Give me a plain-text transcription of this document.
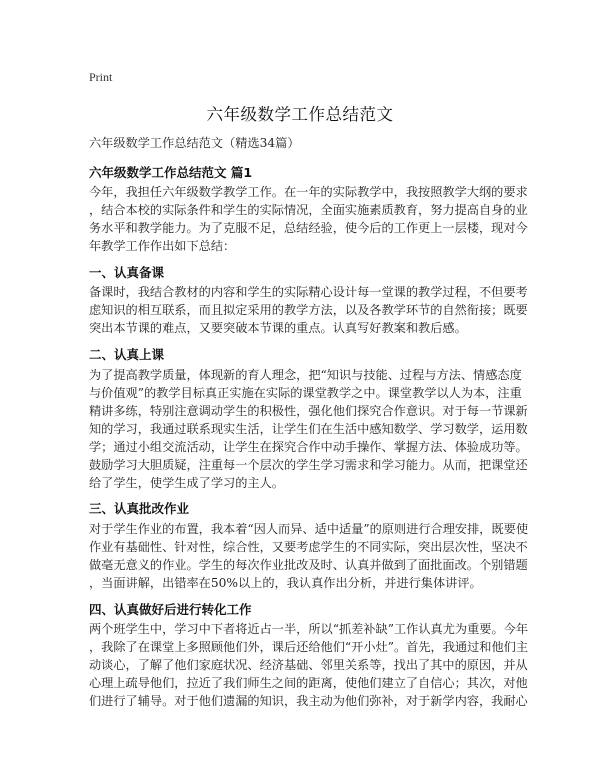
Print
六年级数学工作总结范文
六年级数学工作总结范文（精选34篇）
六年级数学工作总结范文 篇1

今年，我担任六年级数学教学工作。在一年的实际教学中，我按照教学大纲的要求
，结合本校的实际条件和学生的实际情况，全面实施素质教育，努力提高自身的业
务水平和教学能力。为了克服不足，总结经验，使今后的工作更上一层楼，现对今
年教学工作作出如下总结：

一、认真备课

备课时，我结合教材的内容和学生的实际精心设计每一堂课的教学过程，不但要考
虑知识的相互联系，而且拟定采用的教学方法，以及各教学环节的自然衔接；既要
突出本节课的难点，又要突破本节课的重点。认真写好教案和教后感。

二、认真上课

为了提高教学质量，体现新的育人理念，把“知识与技能、过程与方法、情感态度
与价值观”的教学目标真正实施在实际的课堂教学之中。课堂教学以人为本，注重
精讲多练，特别注意调动学生的积极性，强化他们探究合作意识。对于每一节课新
知的学习，我通过联系现实生活，让学生们在生活中感知数学、学习数学，运用数
学；通过小组交流活动，让学生在探究合作中动手操作、掌握方法、体验成功等。
鼓励学习大胆质疑，注重每一个层次的学生学习需求和学习能力。从而，把课堂还
给了学生，使学生成了学习的主人。

三、认真批改作业

对于学生作业的布置，我本着“因人而异、适中适量”的原则进行合理安排，既要使
作业有基础性、针对性，综合性，又要考虑学生的不同实际，突出层次性，坚决不
做毫无意义的作业。学生的每次作业批改及时、认真并做到了面批面改。个别错题
，当面讲解，出错率在50%以上的，我认真作出分析，并进行集体讲评。

四、认真做好后进行转化工作

两个班学生中，学习中下者将近占一半，所以“抓差补缺”工作认真尤为重要。今年
，我除了在课堂上多照顾他们外，课后还给他们“开小灶”。首先，我通过和他们主
动谈心，了解了他们家庭状况、经济基础、邻里关系等，找出了其中的原因，并从
心理上疏导他们，拉近了我们师生之间的距离，使他们建立了自信心；其次，对他
们进行了辅导。对于他们遗漏的知识，我主动为他们弥补，对于新学内容，我耐心
